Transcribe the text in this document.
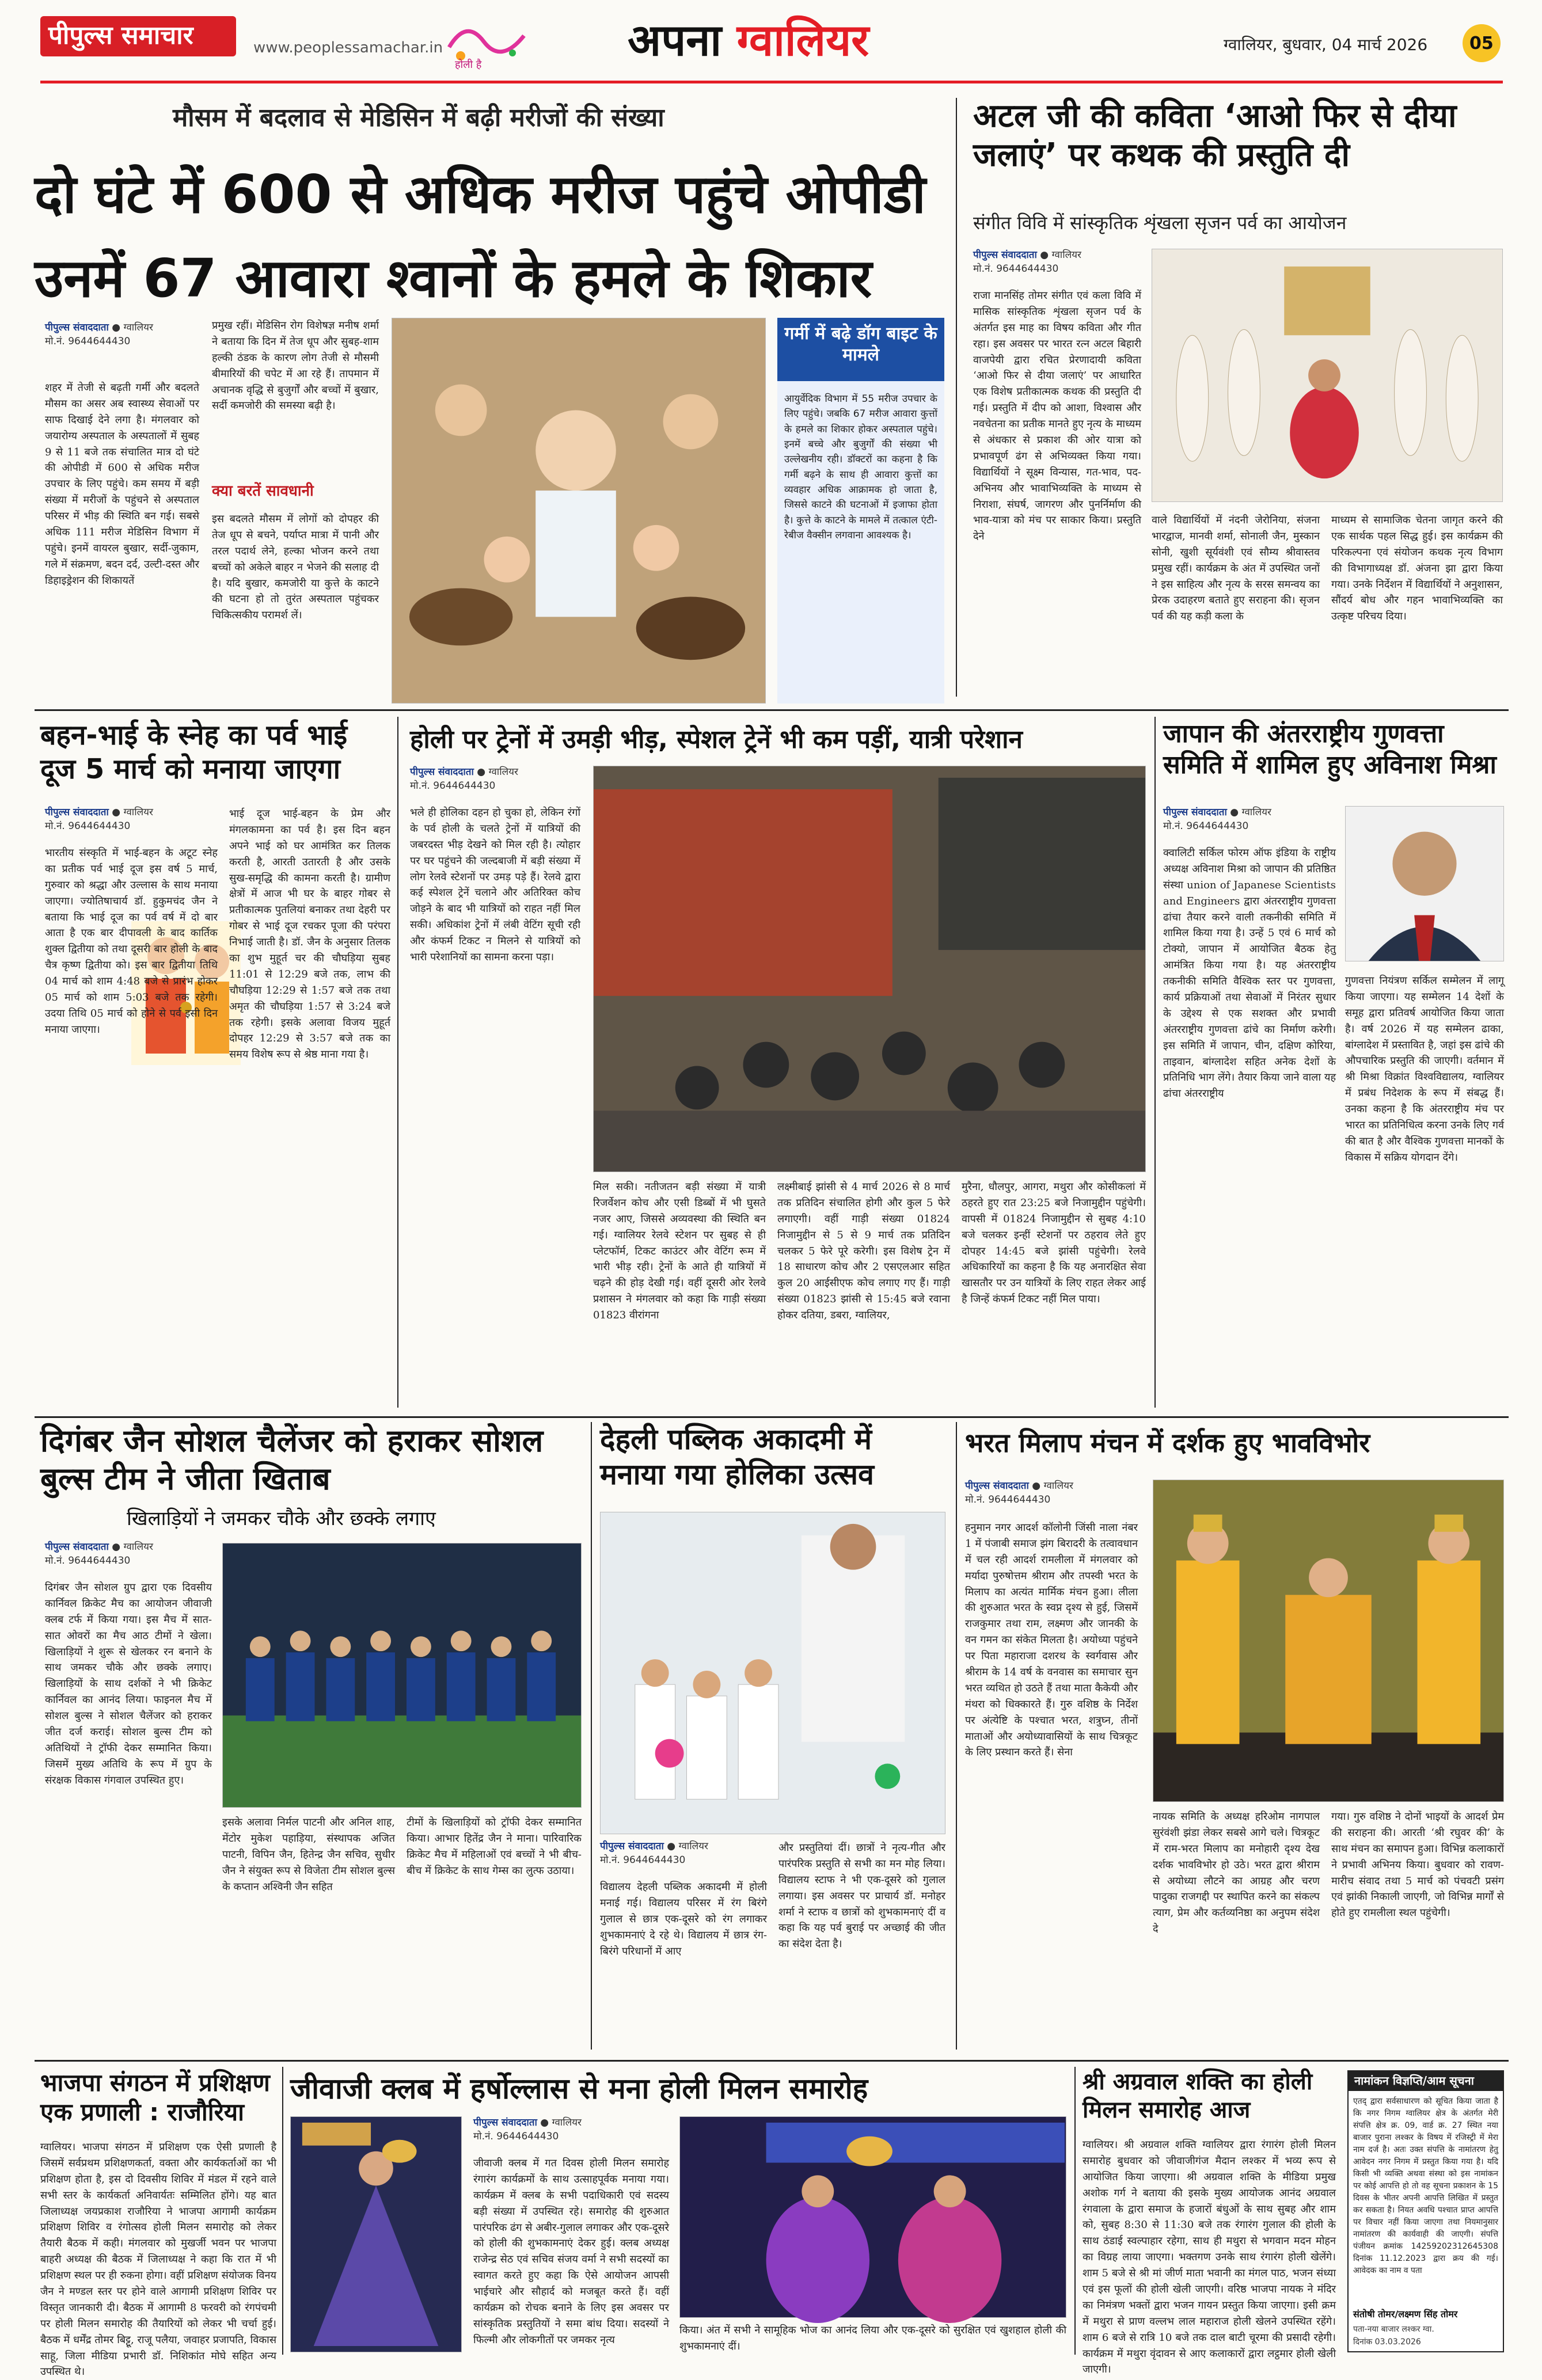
पीपुल्स समाचार	www.peoplessamachar.in
होली है	अपना ग्वालियर	ग्वालियर, बुधवार, 04 मार्च 2026 05
मौसम में बदलाव से मेडिसिन में बढ़ी मरीजों की संख्या
दो घंटे में 600 से अधिक मरीज पहुंचे ओपीडी
उनमें 67 आवारा श्वानों के हमले के शिकार
पीपुल्स संवाददाता ● ग्वालियर
मो.नं. 9644644430
शहर में तेजी से बढ़ती गर्मी और बदलते मौसम का असर अब स्वास्थ्य सेवाओं पर साफ दिखाई देने लगा है। मंगलवार को जयारोग्य अस्पताल के अस्पतालों में सुबह 9 से 11 बजे तक संचालित मात्र दो घंटे की ओपीडी में 600 से अधिक मरीज उपचार के लिए पहुंचे। कम समय में बड़ी संख्या में मरीजों के पहुंचने से अस्पताल परिसर में भीड़ की स्थिति बन गई। सबसे अधिक 111 मरीज मेडिसिन विभाग में पहुंचे। इनमें वायरल बुखार, सर्दी-जुकाम, गले में संक्रमण, बदन दर्द, उल्टी-दस्त और डिहाइड्रेशन की शिकायतें
प्रमुख रहीं। मेडिसिन रोग विशेषज्ञ मनीष शर्मा ने बताया कि दिन में तेज धूप और सुबह-शाम हल्की ठंडक के कारण लोग तेजी से मौसमी बीमारियों की चपेट में आ रहे हैं। तापमान में अचानक वृद्धि से बुजुर्गों और बच्चों में बुखार, सर्दी कमजोरी की समस्या बढ़ी है।
क्या बरतें सावधानी
इस बदलते मौसम में लोगों को दोपहर की तेज धूप से बचने, पर्याप्त मात्रा में पानी और तरल पदार्थ लेने, हल्का भोजन करने तथा बच्चों को अकेले बाहर न भेजने की सलाह दी है। यदि बुखार, कमजोरी या कुत्ते के काटने की घटना हो तो तुरंत अस्पताल पहुंचकर चिकित्सकीय परामर्श लें।
गर्मी में बढ़े डॉग बाइट के मामले
आयुर्वेदिक विभाग में 55 मरीज उपचार के लिए पहुंचे। जबकि 67 मरीज आवारा कुत्तों के हमले का शिकार होकर अस्पताल पहुंचे। इनमें बच्चे और बुजुर्गों की संख्या भी उल्लेखनीय रही। डॉक्टरों का कहना है कि गर्मी बढ़ने के साथ ही आवारा कुत्तों का व्यवहार अधिक आक्रामक हो जाता है, जिससे काटने की घटनाओं में इजाफा होता है। कुत्ते के काटने के मामले में तत्काल एंटी-रेबीज वैक्सीन लगवाना आवश्यक है।
अटल जी की कविता ‘आओ फिर से दीया जलाएं’ पर कथक की प्रस्तुति दी
संगीत विवि में सांस्कृतिक शृंखला सृजन पर्व का आयोजन
पीपुल्स संवाददाता ● ग्वालियर
मो.नं. 9644644430
राजा मानसिंह तोमर संगीत एवं कला विवि में मासिक सांस्कृतिक शृंखला सृजन पर्व के अंतर्गत इस माह का विषय कविता और गीत रहा। इस अवसर पर भारत रत्न अटल बिहारी वाजपेयी द्वारा रचित प्रेरणादायी कविता ‘आओ फिर से दीया जलाएं’ पर आधारित एक विशेष प्रतीकात्मक कथक की प्रस्तुति दी गई। प्रस्तुति में दीप को आशा, विश्वास और नवचेतना का प्रतीक मानते हुए नृत्य के माध्यम से अंधकार से प्रकाश की ओर यात्रा को प्रभावपूर्ण ढंग से अभिव्यक्त किया गया। विद्यार्थियों ने सूक्ष्म विन्यास, गत-भाव, पद-अभिनय और भावाभिव्यक्ति के माध्यम से निराशा, संघर्ष, जागरण और पुनर्निर्माण की भाव-यात्रा को मंच पर साकार किया। प्रस्तुति देने
वाले विद्यार्थियों में नंदनी जेरोनिया, संजना भारद्वाज, मानवी शर्मा, सोनाली जैन, मुस्कान सोनी, खुशी सूर्यवंशी एवं सौम्य श्रीवास्तव प्रमुख रहीं। कार्यक्रम के अंत में उपस्थित जनों ने इस साहित्य और नृत्य के सरस समन्वय का प्रेरक उदाहरण बताते हुए सराहना की। सृजन पर्व की यह कड़ी कला के
माध्यम से सामाजिक चेतना जागृत करने की एक सार्थक पहल सिद्ध हुई। इस कार्यक्रम की परिकल्पना एवं संयोजन कथक नृत्य विभाग की विभागाध्यक्ष डॉ. अंजना झा द्वारा किया गया। उनके निर्देशन में विद्यार्थियों ने अनुशासन, सौंदर्य बोध और गहन भावाभिव्यक्ति का उत्कृष्ट परिचय दिया।
बहन-भाई के स्नेह का पर्व भाई दूज 5 मार्च को मनाया जाएगा
पीपुल्स संवाददाता ● ग्वालियर
मो.नं. 9644644430
भारतीय संस्कृति में भाई-बहन के अटूट स्नेह का प्रतीक पर्व भाई दूज इस वर्ष 5 मार्च, गुरुवार को श्रद्धा और उल्लास के साथ मनाया जाएगा। ज्योतिषाचार्य डॉ. हुकुमचंद जैन ने बताया कि भाई दूज का पर्व वर्ष में दो बार आता है एक बार दीपावली के बाद कार्तिक शुक्ल द्वितीया को तथा दूसरी बार होली के बाद चैत्र कृष्ण द्वितीया को। इस बार द्वितीया तिथि 04 मार्च को शाम 4:48 बजे से प्रारंभ होकर 05 मार्च को शाम 5:03 बजे तक रहेगी। उदया तिथि 05 मार्च को होने से पर्व इसी दिन मनाया जाएगा।
भाई दूज भाई-बहन के प्रेम और मंगलकामना का पर्व है। इस दिन बहन अपने भाई को घर आमंत्रित कर तिलक करती है, आरती उतारती है और उसके सुख-समृद्धि की कामना करती है। ग्रामीण क्षेत्रों में आज भी घर के बाहर गोबर से प्रतीकात्मक पुतलियां बनाकर तथा देहरी पर गोबर से भाई दूज रचकर पूजा की परंपरा निभाई जाती है। डॉ. जैन के अनुसार तिलक का शुभ मुहूर्त चर की चौघड़िया सुबह 11:01 से 12:29 बजे तक, लाभ की चौघड़िया 12:29 से 1:57 बजे तक तथा अमृत की चौघड़िया 1:57 से 3:24 बजे तक रहेगी। इसके अलावा विजय मुहूर्त दोपहर 12:29 से 3:57 बजे तक का समय विशेष रूप से श्रेष्ठ माना गया है।
होली पर ट्रेनों में उमड़ी भीड़, स्पेशल ट्रेनें भी कम पड़ीं, यात्री परेशान
पीपुल्स संवाददाता ● ग्वालियर
मो.नं. 9644644430
भले ही होलिका दहन हो चुका हो, लेकिन रंगों के पर्व होली के चलते ट्रेनों में यात्रियों की जबरदस्त भीड़ देखने को मिल रही है। त्योहार पर घर पहुंचने की जल्दबाजी में बड़ी संख्या में लोग रेलवे स्टेशनों पर उमड़ पड़े हैं। रेलवे द्वारा कई स्पेशल ट्रेनें चलाने और अतिरिक्त कोच जोड़ने के बाद भी यात्रियों को राहत नहीं मिल सकी। अधिकांश ट्रेनों में लंबी वेटिंग सूची रही और कंफर्म टिकट न मिलने से यात्रियों को भारी परेशानियों का सामना करना पड़ा।
मिल सकी। नतीजतन बड़ी संख्या में यात्री रिजर्वेशन कोच और एसी डिब्बों में भी घुसते नजर आए, जिससे अव्यवस्था की स्थिति बन गई। ग्वालियर रेलवे स्टेशन पर सुबह से ही प्लेटफॉर्म, टिकट काउंटर और वेटिंग रूम में भारी भीड़ रही। ट्रेनों के आते ही यात्रियों में चढ़ने की होड़ देखी गई। वहीं दूसरी ओर रेलवे प्रशासन ने मंगलवार को कहा कि गाड़ी संख्या 01823 वीरांगना
लक्ष्मीबाई झांसी से 4 मार्च 2026 से 8 मार्च तक प्रतिदिन संचालित होगी और कुल 5 फेरे लगाएगी। वहीं गाड़ी संख्या 01824 निजामुद्दीन से 5 से 9 मार्च तक प्रतिदिन चलकर 5 फेरे पूरे करेगी। इस विशेष ट्रेन में 18 साधारण कोच और 2 एसएलआर सहित कुल 20 आईसीएफ कोच लगाए गए हैं। गाड़ी संख्या 01823 झांसी से 15:45 बजे रवाना होकर दतिया, डबरा, ग्वालियर,
मुरैना, धौलपुर, आगरा, मथुरा और कोसीकलां में ठहरते हुए रात 23:25 बजे निजामुद्दीन पहुंचेगी। वापसी में 01824 निजामुद्दीन से सुबह 4:10 बजे चलकर इन्हीं स्टेशनों पर ठहराव लेते हुए दोपहर 14:45 बजे झांसी पहुंचेगी। रेलवे अधिकारियों का कहना है कि यह अनारक्षित सेवा खासतौर पर उन यात्रियों के लिए राहत लेकर आई है जिन्हें कंफर्म टिकट नहीं मिल पाया।
जापान की अंतरराष्ट्रीय गुणवत्ता समिति में शामिल हुए अविनाश मिश्रा
पीपुल्स संवाददाता ● ग्वालियर
मो.नं. 9644644430
क्वालिटी सर्किल फोरम ऑफ इंडिया के राष्ट्रीय अध्यक्ष अविनाश मिश्रा को जापान की प्रतिष्ठित संस्था union of Japanese Scientists and Engineers द्वारा अंतरराष्ट्रीय गुणवत्ता ढांचा तैयार करने वाली तकनीकी समिति में शामिल किया गया है। उन्हें 5 एवं 6 मार्च को टोक्यो, जापान में आयोजित बैठक हेतु आमंत्रित किया गया है। यह अंतरराष्ट्रीय तकनीकी समिति वैश्विक स्तर पर गुणवत्ता, कार्य प्रक्रियाओं तथा सेवाओं में निरंतर सुधार के उद्देश्य से एक सशक्त और प्रभावी अंतरराष्ट्रीय गुणवत्ता ढांचे का निर्माण करेगी। इस समिति में जापान, चीन, दक्षिण कोरिया, ताइवान, बांग्लादेश सहित अनेक देशों के प्रतिनिधि भाग लेंगे। तैयार किया जाने वाला यह ढांचा अंतरराष्ट्रीय
गुणवत्ता नियंत्रण सर्किल सम्मेलन में लागू किया जाएगा। यह सम्मेलन 14 देशों के समूह द्वारा प्रतिवर्ष आयोजित किया जाता है। वर्ष 2026 में यह सम्मेलन ढाका, बांग्लादेश में प्रस्तावित है, जहां इस ढांचे की औपचारिक प्रस्तुति की जाएगी। वर्तमान में श्री मिश्रा विक्रांत विश्वविद्यालय, ग्वालियर में प्रबंध निदेशक के रूप में संबद्ध हैं। उनका कहना है कि अंतरराष्ट्रीय मंच पर भारत का प्रतिनिधित्व करना उनके लिए गर्व की बात है और वैश्विक गुणवत्ता मानकों के विकास में सक्रिय योगदान देंगे।
दिगंबर जैन सोशल चैलेंजर को हराकर सोशल बुल्स टीम ने जीता खिताब
खिलाड़ियों ने जमकर चौके और छक्के लगाए
पीपुल्स संवाददाता ● ग्वालियर
मो.नं. 9644644430
दिगंबर जैन सोशल ग्रुप द्वारा एक दिवसीय कार्निवल क्रिकेट मैच का आयोजन जीवाजी क्लब टर्फ में किया गया। इस मैच में सात-सात ओवरों का मैच आठ टीमों ने खेला। खिलाड़ियों ने शुरू से खेलकर रन बनाने के साथ जमकर चौके और छक्के लगाए। खिलाड़ियों के साथ दर्शकों ने भी क्रिकेट कार्निवल का आनंद लिया। फाइनल मैच में सोशल बुल्स ने सोशल चैलेंजर को हराकर जीत दर्ज कराई। सोशल बुल्स टीम को अतिथियों ने ट्रॉफी देकर सम्मानित किया। जिसमें मुख्य अतिथि के रूप में ग्रुप के संरक्षक विकास गंगवाल उपस्थित हुए।
इसके अलावा निर्मल पाटनी और अनिल शाह, मेंटोर मुकेश पहाड़िया, संस्थापक अजित पाटनी, विपिन जैन, हितेन्द्र जैन सचिव, सुधीर जैन ने संयुक्त रूप से विजेता टीम सोशल बुल्स के कप्तान अश्विनी जैन सहित
टीमों के खिलाड़ियों को ट्रॉफी देकर सम्मानित किया। आभार हितेंद्र जैन ने माना। पारिवारिक क्रिकेट मैच में महिलाओं एवं बच्चों ने भी बीच-बीच में क्रिकेट के साथ गेम्स का लुत्फ उठाया।
देहली पब्लिक अकादमी में मनाया गया होलिका उत्सव
पीपुल्स संवाददाता ● ग्वालियर
मो.नं. 9644644430
विद्यालय देहली पब्लिक अकादमी में होली मनाई गई। विद्यालय परिसर में रंग बिरंगे गुलाल से छात्र एक-दूसरे को रंग लगाकर शुभकामनाएं दे रहे थे। विद्यालय में छात्र रंग-बिरंगे परिधानों में आए
और प्रस्तुतियां दीं। छात्रों ने नृत्य-गीत और पारंपरिक प्रस्तुति से सभी का मन मोह लिया। विद्यालय स्टाफ ने भी एक-दूसरे को गुलाल लगाया। इस अवसर पर प्राचार्य डॉ. मनोहर शर्मा ने स्टाफ व छात्रों को शुभकामनाएं दीं व कहा कि यह पर्व बुराई पर अच्छाई की जीत का संदेश देता है।
भरत मिलाप मंचन में दर्शक हुए भावविभोर
पीपुल्स संवाददाता ● ग्वालियर
मो.नं. 9644644430
हनुमान नगर आदर्श कॉलोनी जिंसी नाला नंबर 1 में पंजाबी समाज झंग बिरादरी के तत्वावधान में चल रही आदर्श रामलीला में मंगलवार को मर्यादा पुरुषोत्तम श्रीराम और तपस्वी भरत के मिलाप का अत्यंत मार्मिक मंचन हुआ। लीला की शुरुआत भरत के स्वप्न दृश्य से हुई, जिसमें राजकुमार तथा राम, लक्ष्मण और जानकी के वन गमन का संकेत मिलता है। अयोध्या पहुंचने पर पिता महाराजा दशरथ के स्वर्गवास और श्रीराम के 14 वर्ष के वनवास का समाचार सुन भरत व्यथित हो उठते हैं तथा माता कैकेयी और मंथरा को धिक्कारते हैं। गुरु वशिष्ठ के निर्देश पर अंत्येष्टि के पश्चात भरत, शत्रुघ्न, तीनों माताओं और अयोध्यावासियों के साथ चित्रकूट के लिए प्रस्थान करते हैं। सेना
नायक समिति के अध्यक्ष हरिओम नागपाल सुरंवंशी झंडा लेकर सबसे आगे चले। चित्रकूट में राम-भरत मिलाप का मनोहारी दृश्य देख दर्शक भावविभोर हो उठे। भरत द्वारा श्रीराम से अयोध्या लौटने का आग्रह और चरण पादुका राजगद्दी पर स्थापित करने का संकल्प त्याग, प्रेम और कर्तव्यनिष्ठा का अनुपम संदेश दे
गया। गुरु वशिष्ठ ने दोनों भाइयों के आदर्श प्रेम की सराहना की। आरती ‘श्री रघुवर की’ के साथ मंचन का समापन हुआ। विभिन्न कलाकारों ने प्रभावी अभिनय किया। बुधवार को रावण-मारीच संवाद तथा 5 मार्च को पंचवटी प्रसंग एवं झांकी निकाली जाएगी, जो विभिन्न मार्गों से होते हुए रामलीला स्थल पहुंचेगी।
भाजपा संगठन में प्रशिक्षण एक प्रणाली : राजौरिया
ग्वालियर। भाजपा संगठन में प्रशिक्षण एक ऐसी प्रणाली है जिसमें सर्वप्रथम प्रशिक्षणकर्ता, वक्ता और कार्यकर्ताओं का भी प्रशिक्षण होता है, इस दो दिवसीय शिविर में मंडल में रहने वाले सभी स्तर के कार्यकर्ता अनिवार्यतः सम्मिलित होंगे। यह बात जिलाध्यक्ष जयप्रकाश राजौरिया ने भाजपा आगामी कार्यक्रम प्रशिक्षण शिविर व रंगोत्सव होली मिलन समारोह को लेकर तैयारी बैठक में कही। मंगलवार को मुखर्जी भवन पर भाजपा बाहरी अध्यक्ष की बैठक में जिलाध्यक्ष ने कहा कि रात में भी प्रशिक्षण स्थल पर ही रुकना होगा। वहीं प्रशिक्षण संयोजक विनय जैन ने मण्डल स्तर पर होने वाले आगामी प्रशिक्षण शिविर पर विस्तृत जानकारी दी। बैठक में आगामी 8 फरवरी को रंगपंचमी पर होली मिलन समारोह की तैयारियों को लेकर भी चर्चा हुई। बैठक में धर्मेंद्र तोमर बिट्टू, राजू पलैया, जवाहर प्रजापति, विकास साहू, जिला मीडिया प्रभारी डॉ. निशिकांत मोघे सहित अन्य उपस्थित थे।
जीवाजी क्लब में हर्षोल्लास से मना होली मिलन समारोह
पीपुल्स संवाददाता ● ग्वालियर
मो.नं. 9644644430
जीवाजी क्लब में गत दिवस होली मिलन समारोह रंगारंग कार्यक्रमों के साथ उत्साहपूर्वक मनाया गया। कार्यक्रम में क्लब के सभी पदाधिकारी एवं सदस्य बड़ी संख्या में उपस्थित रहे। समारोह की शुरुआत पारंपरिक ढंग से अबीर-गुलाल लगाकर और एक-दूसरे को होली की शुभकामनाएं देकर हुई। क्लब अध्यक्ष राजेन्द्र सेठ एवं सचिव संजय वर्मा ने सभी सदस्यों का स्वागत करते हुए कहा कि ऐसे आयोजन आपसी भाईचारे और सौहार्द को मजबूत करते हैं। वहीं कार्यक्रम को रोचक बनाने के लिए इस अवसर पर सांस्कृतिक प्रस्तुतियों ने समा बांध दिया। सदस्यों ने फिल्मी और लोकगीतों पर जमकर नृत्य
किया। अंत में सभी ने सामूहिक भोज का आनंद लिया और एक-दूसरे को सुरक्षित एवं खुशहाल होली की शुभकामनाएं दीं।
श्री अग्रवाल शक्ति का होली मिलन समारोह आज
ग्वालियर। श्री अग्रवाल शक्ति ग्वालियर द्वारा रंगारंग होली मिलन समारोह बुधवार को जीवाजीगंज मैदान लश्कर में भव्य रूप से आयोजित किया जाएगा। श्री अग्रवाल शक्ति के मीडिया प्रमुख अशोक गर्ग ने बताया की इसके मुख्य आयोजक आनंद अग्रवाल रंगवाला के द्वारा समाज के हजारों बंधुओं के साथ सुबह और शाम को, सुबह 8:30 से 11:30 बजे तक रंगारंग गुलाल की होली के साथ ठंडाई स्वल्पाहार रहेगा, साथ ही मथुरा से भगवान मदन मोहन का विग्रह लाया जाएगा। भक्तगण उनके साथ रंगारंग होली खेलेंगे। शाम 5 बजे से श्री मां जीर्ण माता भवानी का मंगल पाठ, भजन संध्या एवं इस फूलों की होली खेली जाएगी। वरिष्ठ भाजपा नायक ने मंदिर का निमंत्रण भक्तों द्वारा भजन गायन प्रस्तुत किया जाएगा। इसी क्रम में मथुरा से प्राण वल्लभ लाल महाराज होली खेलने उपस्थित रहेंगे। शाम 6 बजे से रात्रि 10 बजे तक दाल बाटी चूरमा की प्रसादी रहेगी। कार्यक्रम में मथुरा वृंदावन से आए कलाकारों द्वारा लट्ठमार होली खेली जाएगी।
नामांकन विज्ञप्ति/आम सूचना
एतद् द्वारा सर्वसाधारण को सूचित किया जाता है कि नगर निगम ग्वालियर क्षेत्र के अंतर्गत मेरी संपत्ति क्षेत्र क्र. 09, वार्ड क्र. 27 स्थित नया बाजार पुराना लश्कर के विषय में रजिस्ट्री में मेरा नाम दर्ज है। अतः उक्त संपत्ति के नामांतरण हेतु आवेदन नगर निगम में प्रस्तुत किया गया है। यदि किसी भी व्यक्ति अथवा संस्था को इस नामांकन पर कोई आपत्ति हो तो वह सूचना प्रकाशन के 15 दिवस के भीतर अपनी आपत्ति लिखित में प्रस्तुत कर सकता है। नियत अवधि पश्चात प्राप्त आपत्ति पर विचार नहीं किया जाएगा तथा नियमानुसार नामांतरण की कार्यवाही की जाएगी। संपत्ति पंजीयन क्रमांक 14259202312645308 दिनांक 11.12.2023 द्वारा क्रय की गई। आवेदक का नाम व पता
संतोषी तोमर/लक्ष्मण सिंह तोमर
पता-नया बाजार लश्कर ग्वा.
दिनांक 03.03.2026
